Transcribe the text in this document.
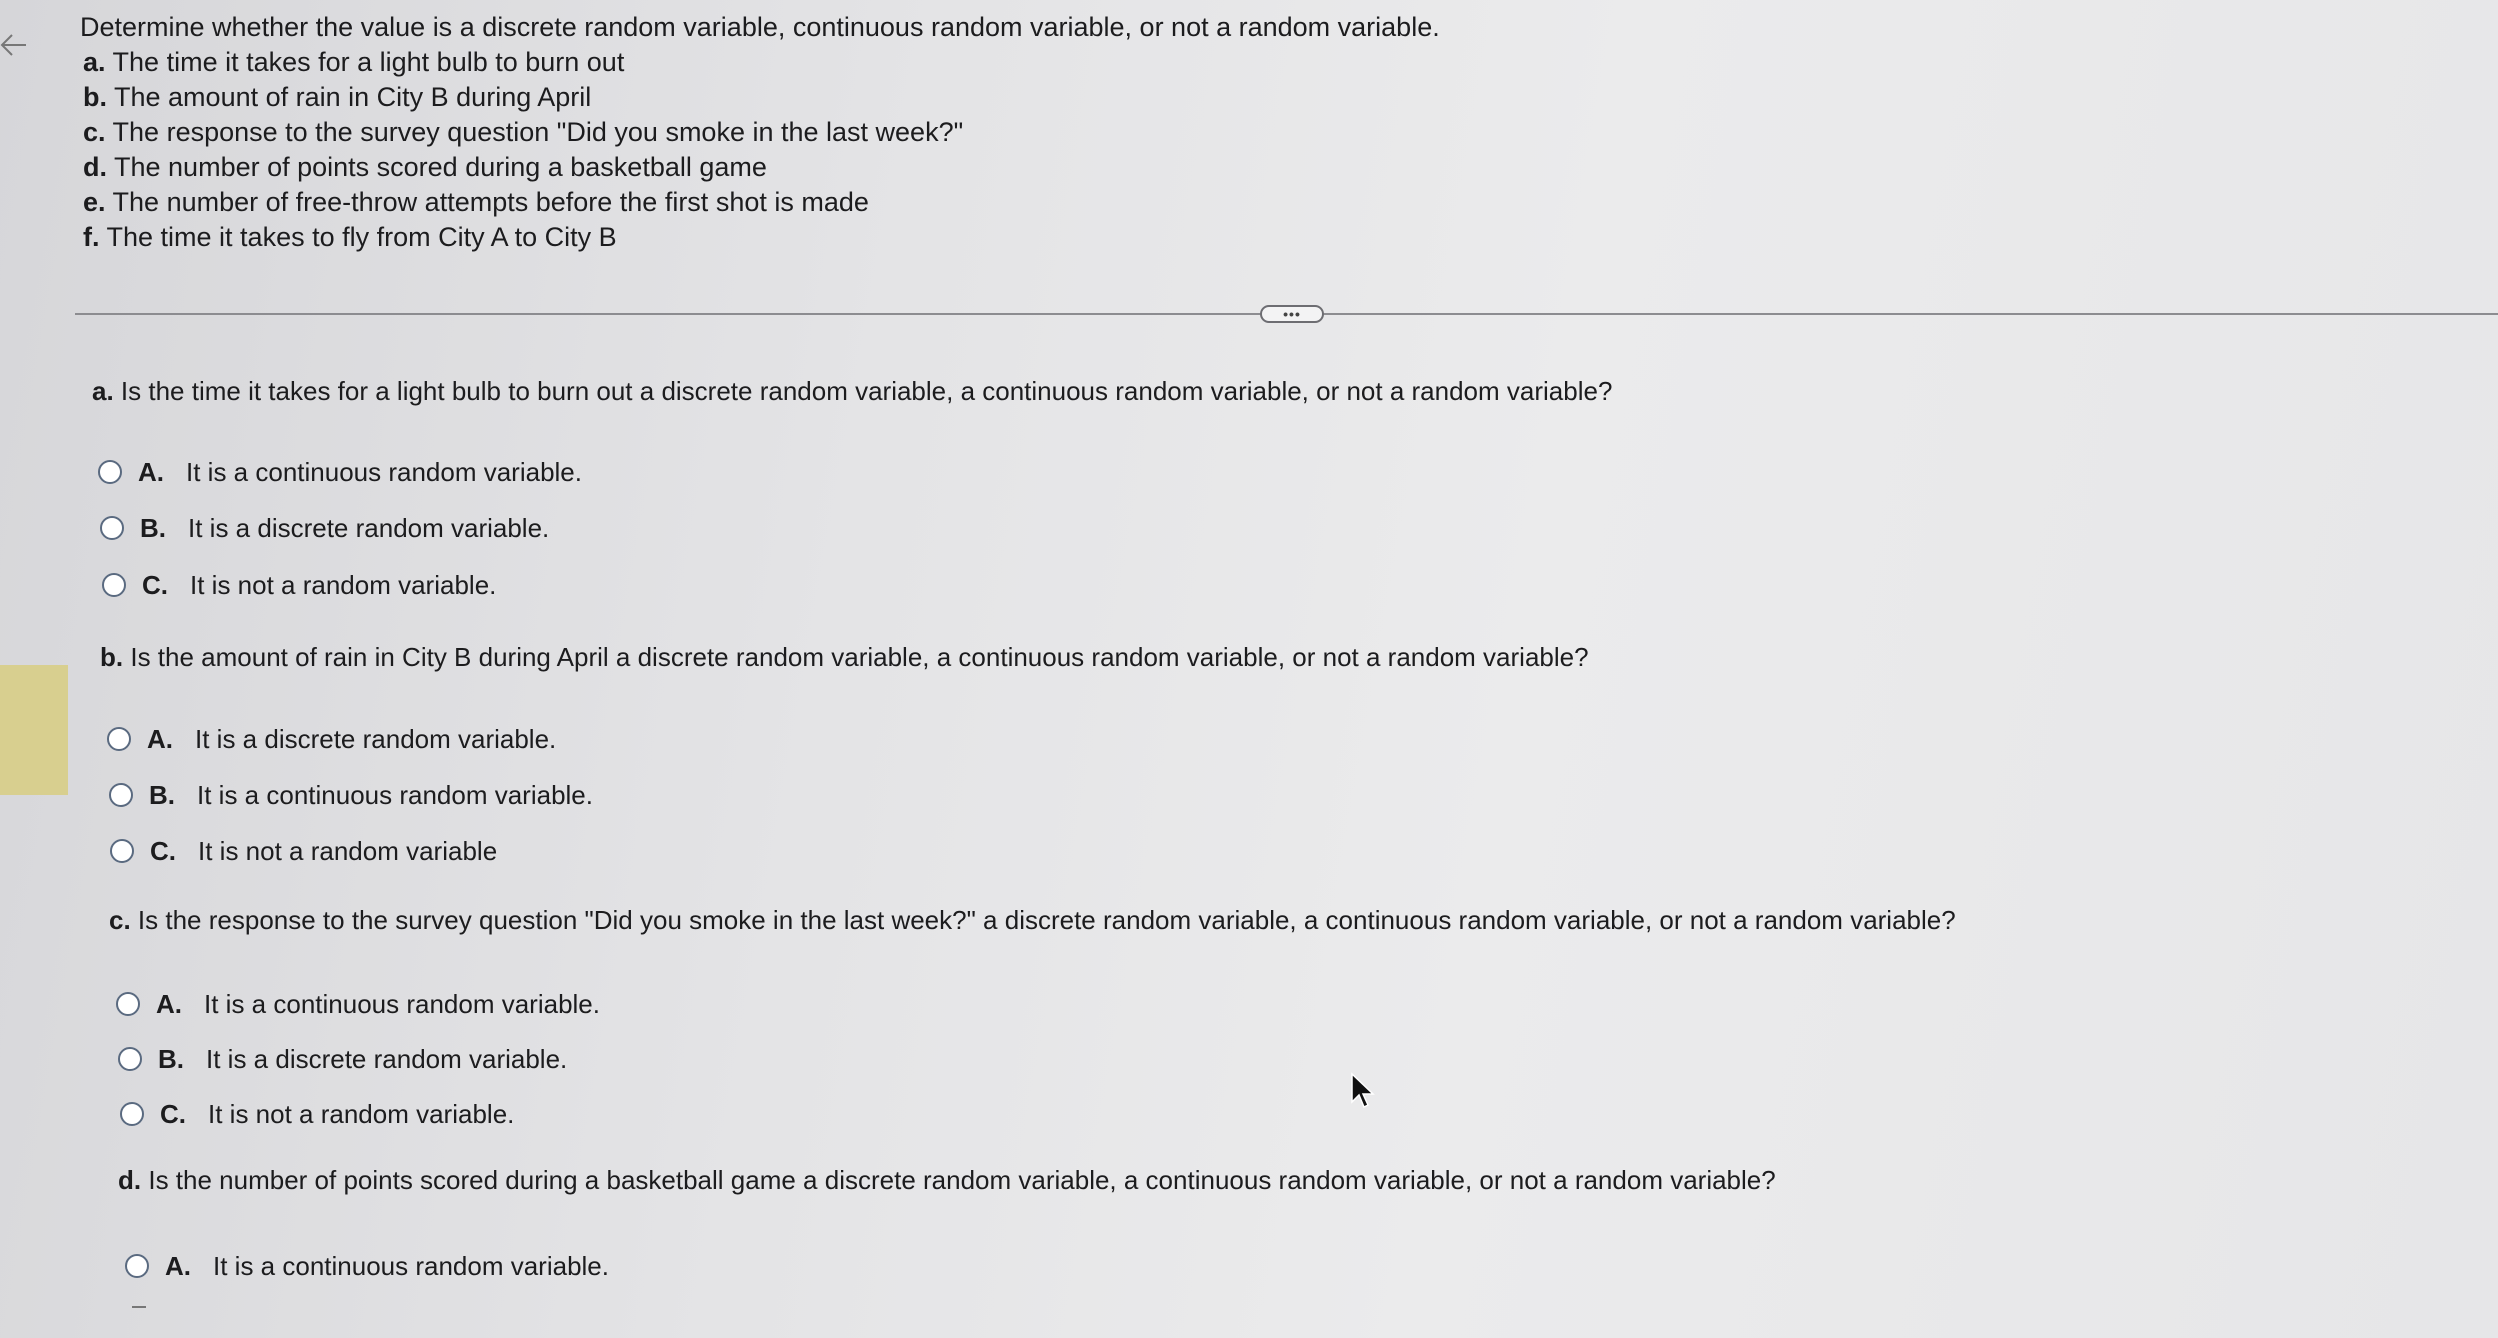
Determine whether the value is a discrete random variable, continuous random variable, or not a random variable.
a. The time it takes for a light bulb to burn out
b. The amount of rain in City B during April
c. The response to the survey question "Did you smoke in the last week?"
d. The number of points scored during a basketball game
e. The number of free-throw attempts before the first shot is made
f. The time it takes to fly from City A to City B
•••
a. Is the time it takes for a light bulb to burn out a discrete random variable, a continuous random variable, or not a random variable?
A. It is a continuous random variable.
B. It is a discrete random variable.
C. It is not a random variable.
b. Is the amount of rain in City B during April a discrete random variable, a continuous random variable, or not a random variable?
A. It is a discrete random variable.
B. It is a continuous random variable.
C. It is not a random variable
c. Is the response to the survey question "Did you smoke in the last week?" a discrete random variable, a continuous random variable, or not a random variable?
A. It is a continuous random variable.
B. It is a discrete random variable.
C. It is not a random variable.
d. Is the number of points scored during a basketball game a discrete random variable, a continuous random variable, or not a random variable?
A. It is a continuous random variable.
